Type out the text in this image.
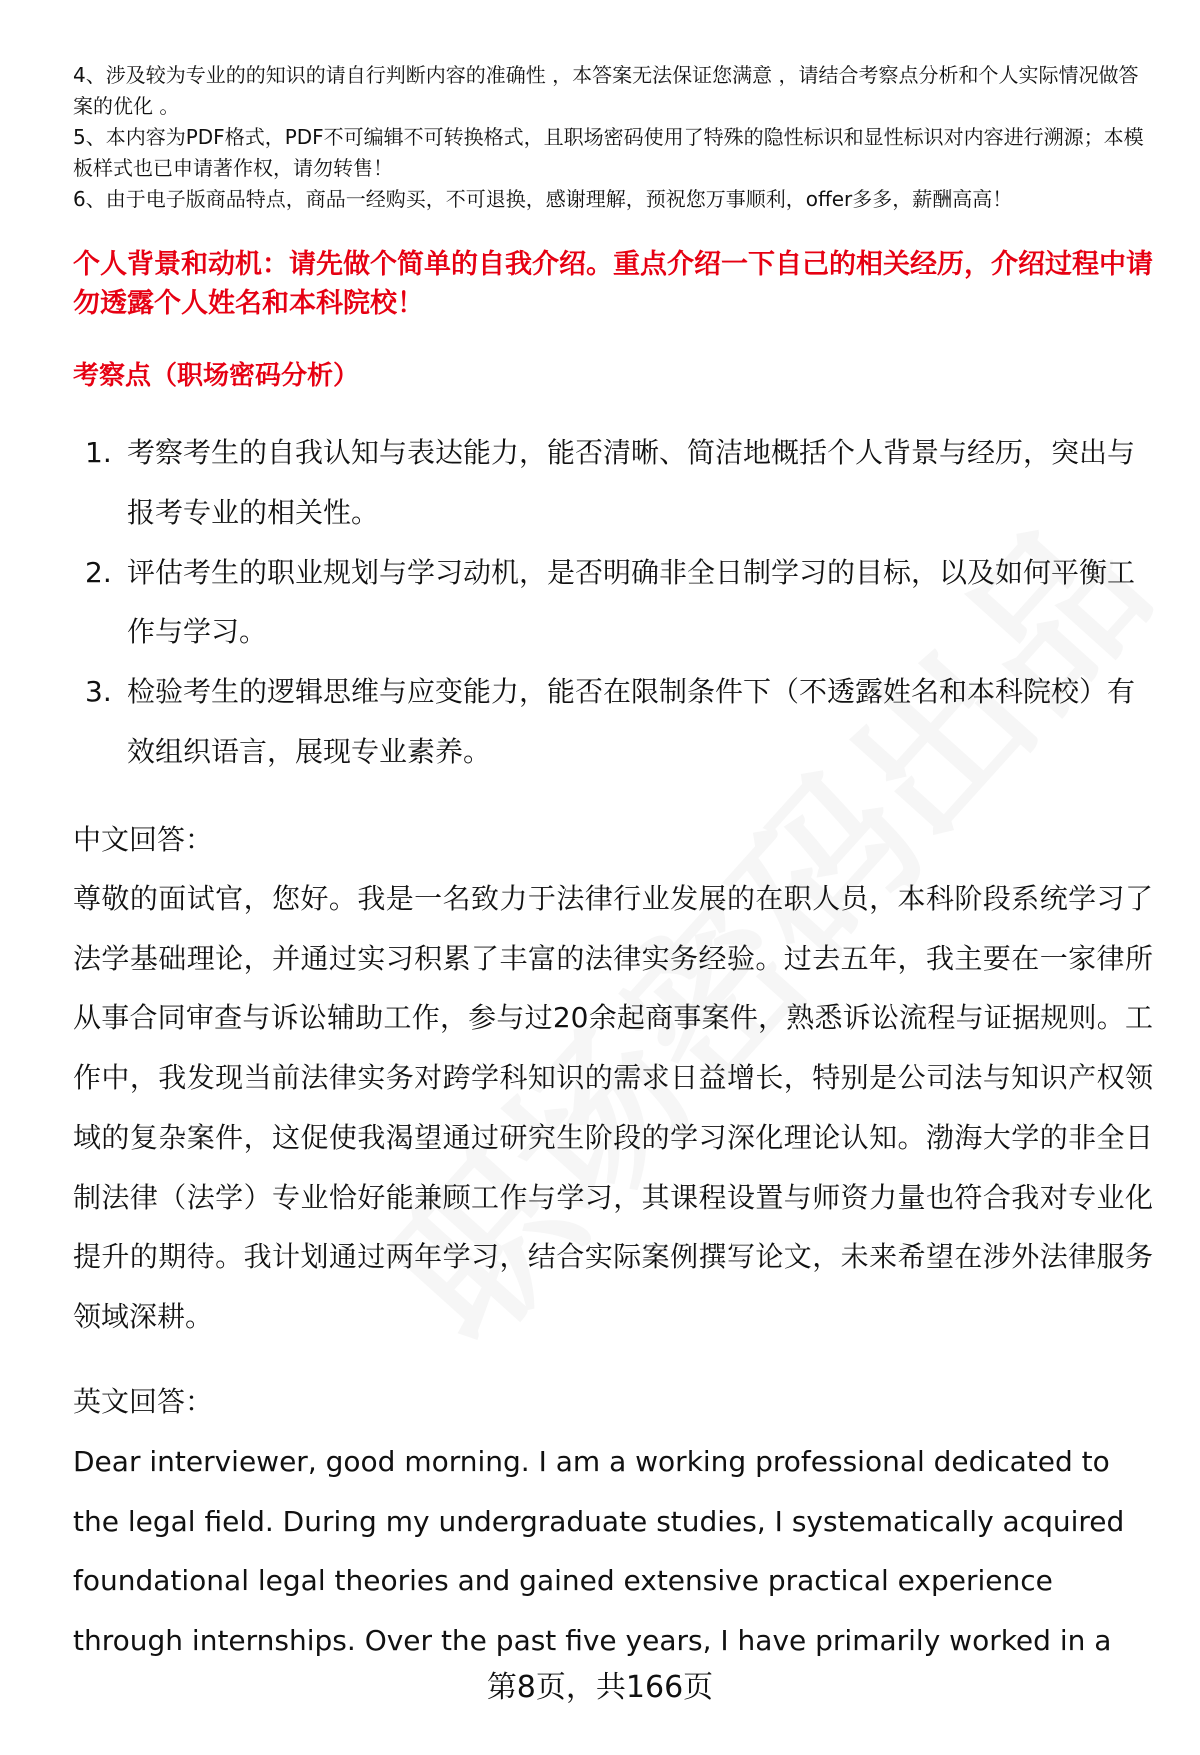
4、涉及较为专业的的知识的请自行判断内容的准确性 ，本答案无法保证您满意 ，请结合考察点分析和个人实际情况做答案的优化 。

5、本内容为PDF格式，PDF不可编辑不可转换格式，且职场密码使用了特殊的隐性标识和显性标识对内容进行溯源；本模板样式也已申请著作权，请勿转售！

6、由于电子版商品特点，商品一经购买，不可退换，感谢理解，预祝您万事顺利，offer多多，薪酬高高！

个人背景和动机：请先做个简单的自我介绍。重点介绍一下自己的相关经历，介绍过程中请勿透露个人姓名和本科院校！
考察点（职场密码分析）
1. 考察考生的自我认知与表达能力，能否清晰、简洁地概括个人背景与经历，突出与报考专业的相关性。
2. 评估考生的职业规划与学习动机，是否明确非全日制学习的目标，以及如何平衡工作与学习。
3. 检验考生的逻辑思维与应变能力，能否在限制条件下（不透露姓名和本科院校）有效组织语言，展现专业素养。
中文回答：

尊敬的面试官，您好。我是一名致力于法律行业发展的在职人员，本科阶段系统学习了法学基础理论，并通过实习积累了丰富的法律实务经验。过去五年，我主要在一家律所从事合同审查与诉讼辅助工作，参与过20余起商事案件，熟悉诉讼流程与证据规则。工作中，我发现当前法律实务对跨学科知识的需求日益增长，特别是公司法与知识产权领域的复杂案件，这促使我渴望通过研究生阶段的学习深化理论认知。渤海大学的非全日制法律（法学）专业恰好能兼顾工作与学习，其课程设置与师资力量也符合我对专业化提升的期待。我计划通过两年学习，结合实际案例撰写论文，未来希望在涉外法律服务领域深耕。

英文回答：

Dear interviewer, good morning. I am a working professional dedicated to the legal field. During my undergraduate studies, I systematically acquired foundational legal theories and gained extensive practical experience through internships. Over the past five years, I have primarily worked in a

第8页，共166页
